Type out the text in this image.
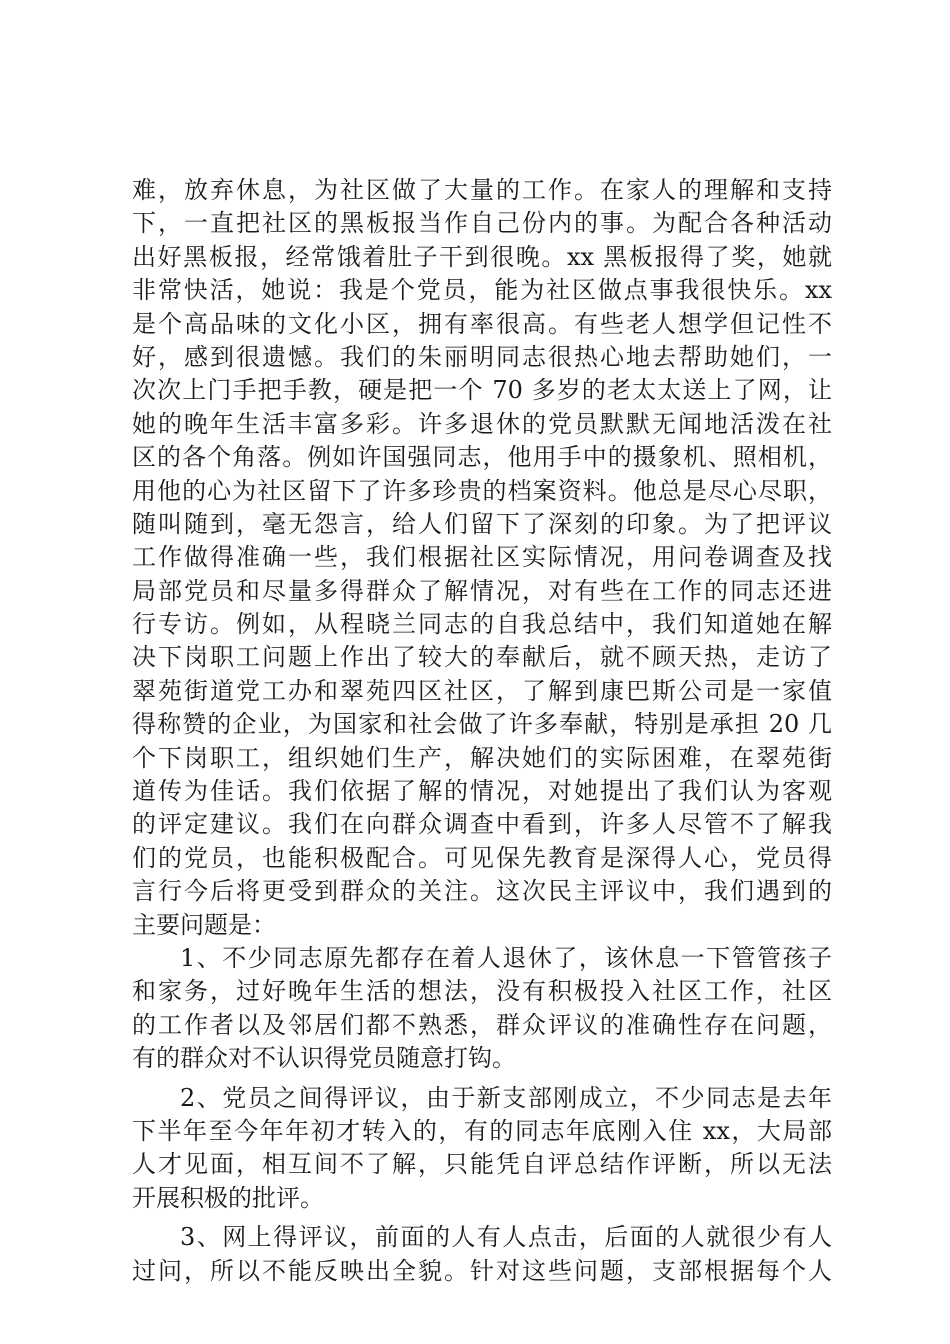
难，放弃休息，为社区做了大量的工作。在家人的理解和支持
下，一直把社区的黑板报当作自己份内的事。为配合各种活动
出好黑板报，经常饿着肚子干到很晚。xx 黑板报得了奖，她就
非常快活，她说：我是个党员，能为社区做点事我很快乐。xx
是个高品味的文化小区，拥有率很高。有些老人想学但记性不
好，感到很遗憾。我们的朱丽明同志很热心地去帮助她们，一
次次上门手把手教，硬是把一个 70 多岁的老太太送上了网，让
她的晚年生活丰富多彩。许多退休的党员默默无闻地活泼在社
区的各个角落。例如许国强同志，他用手中的摄象机、照相机，
用他的心为社区留下了许多珍贵的档案资料。他总是尽心尽职，
随叫随到，毫无怨言，给人们留下了深刻的印象。为了把评议
工作做得准确一些，我们根据社区实际情况，用问卷调查及找
局部党员和尽量多得群众了解情况，对有些在工作的同志还进
行专访。例如，从程晓兰同志的自我总结中，我们知道她在解
决下岗职工问题上作出了较大的奉献后，就不顾天热，走访了
翠苑街道党工办和翠苑四区社区，了解到康巴斯公司是一家值
得称赞的企业，为国家和社会做了许多奉献，特别是承担 20 几
个下岗职工，组织她们生产，解决她们的实际困难，在翠苑街
道传为佳话。我们依据了解的情况，对她提出了我们认为客观
的评定建议。我们在向群众调查中看到，许多人尽管不了解我
们的党员，也能积极配合。可见保先教育是深得人心，党员得
言行今后将更受到群众的关注。这次民主评议中，我们遇到的
主要问题是：
1、不少同志原先都存在着人退休了，该休息一下管管孩子
和家务，过好晚年生活的想法，没有积极投入社区工作，社区
的工作者以及邻居们都不熟悉，群众评议的准确性存在问题，
有的群众对不认识得党员随意打钩。
2、党员之间得评议，由于新支部刚成立，不少同志是去年
下半年至今年年初才转入的，有的同志年底刚入住 xx，大局部
人才见面，相互间不了解，只能凭自评总结作评断，所以无法
开展积极的批评。
3、网上得评议，前面的人有人点击，后面的人就很少有人
过问，所以不能反映出全貌。针对这些问题，支部根据每个人
